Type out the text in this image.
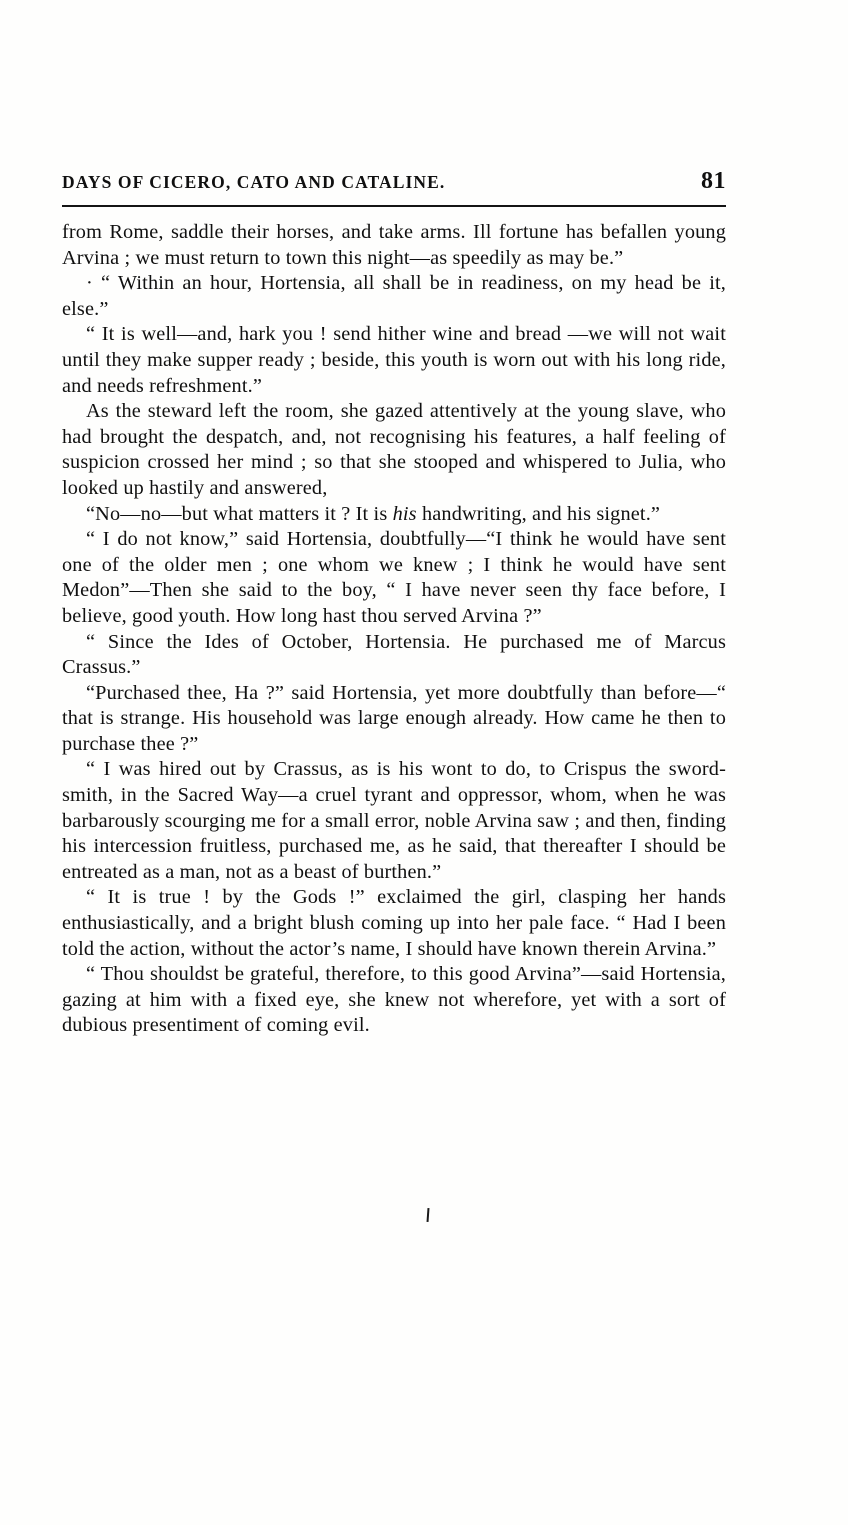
DAYS OF CICERO, CATO AND CATALINE.	81

from Rome, saddle their horses, and take arms. Ill fortune has befallen young Arvina ; we must return to town this night—as speedily as may be.”

· “ Within an hour, Hortensia, all shall be in readiness, on my head be it, else.”

“ It is well—and, hark you ! send hither wine and bread —we will not wait until they make supper ready ; beside, this youth is worn out with his long ride, and needs refreshment.”

As the steward left the room, she gazed attentively at the young slave, who had brought the despatch, and, not recognising his features, a half feeling of suspicion crossed her mind ; so that she stooped and whispered to Julia, who looked up hastily and answered,

“No—no—but what matters it ? It is his handwriting, and his signet.”

“ I do not know,” said Hortensia, doubtfully—“I think he would have sent one of the older men ; one whom we knew ; I think he would have sent Medon”—Then she said to the boy, “ I have never seen thy face before, I believe, good youth. How long hast thou served Arvina ?”

“ Since the Ides of October, Hortensia. He purchased me of Marcus Crassus.”

“Purchased thee, Ha ?” said Hortensia, yet more doubtfully than before—“ that is strange. His household was large enough already. How came he then to purchase thee ?”

“ I was hired out by Crassus, as is his wont to do, to Crispus the sword-smith, in the Sacred Way—a cruel tyrant and oppressor, whom, when he was barbarously scourging me for a small error, noble Arvina saw ; and then, finding his intercession fruitless, purchased me, as he said, that thereafter I should be entreated as a man, not as a beast of burthen.”

“ It is true ! by the Gods !” exclaimed the girl, clasping her hands enthusiastically, and a bright blush coming up into her pale face. “ Had I been told the action, without the actor’s name, I should have known therein Arvina.”

“ Thou shouldst be grateful, therefore, to this good Arvina”—said Hortensia, gazing at him with a fixed eye, she knew not wherefore, yet with a sort of dubious presentiment of coming evil.
